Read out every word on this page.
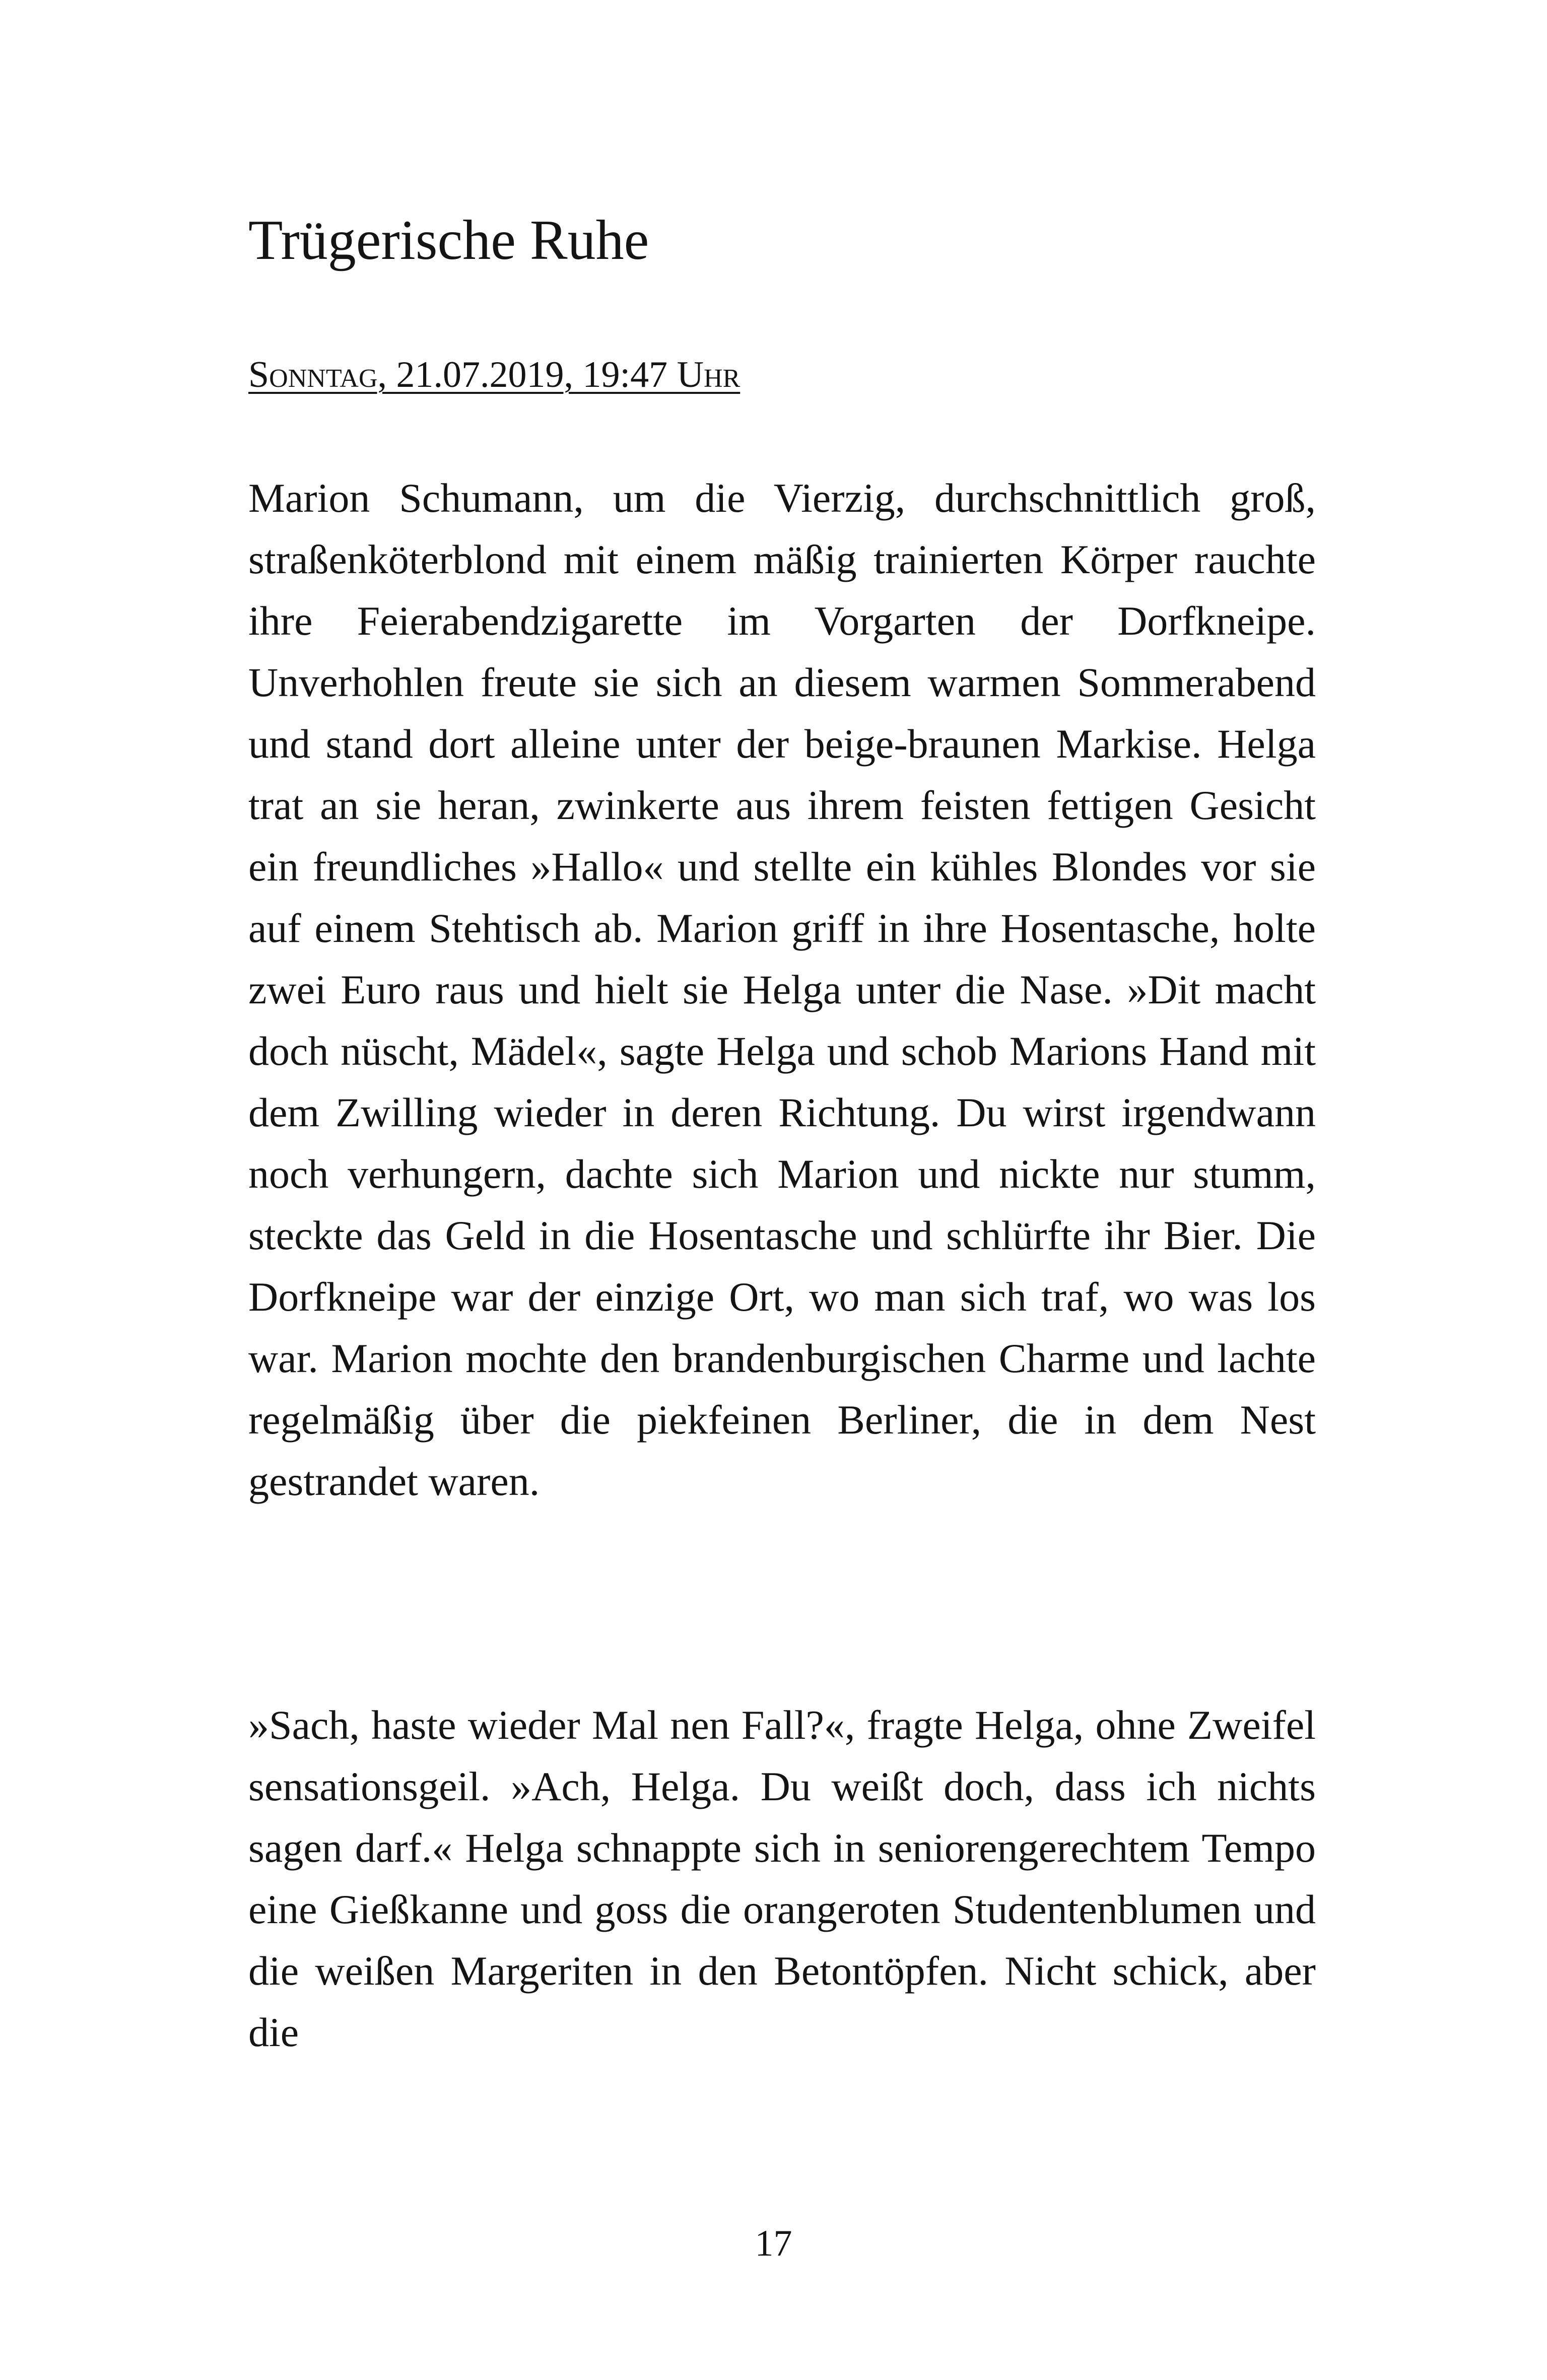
Trügerische Ruhe

Sonntag, 21.07.2019, 19:47 Uhr

Marion Schumann, um die Vierzig, durchschnittlich groß, straßenköterblond mit einem mäßig trainierten Körper rauchte ihre Feierabendzigarette im Vorgarten der Dorfkneipe. Unverhohlen freute sie sich an diesem warmen Sommerabend und stand dort alleine unter der beige-braunen Markise. Helga trat an sie heran, zwinkerte aus ihrem feisten fettigen Gesicht ein freundliches »Hallo« und stellte ein kühles Blondes vor sie auf einem Stehtisch ab. Marion griff in ihre Hosentasche, holte zwei Euro raus und hielt sie Helga unter die Nase. »Dit macht doch nüscht, Mädel«, sagte Helga und schob Marions Hand mit dem Zwilling wieder in deren Richtung. Du wirst irgendwann noch verhungern, dachte sich Marion und nickte nur stumm, steckte das Geld in die Hosentasche und schlürfte ihr Bier. Die Dorfkneipe war der einzige Ort, wo man sich traf, wo was los war. Marion mochte den brandenburgischen Charme und lachte regelmäßig über die piekfeinen Berliner, die in dem Nest gestrandet waren.

»Sach, haste wieder Mal nen Fall?«, fragte Helga, ohne Zweifel sensationsgeil. »Ach, Helga. Du weißt doch, dass ich nichts sagen darf.« Helga schnappte sich in seniorengerechtem Tempo eine Gießkanne und goss die orangeroten Studentenblumen und die weißen Margeriten in den Betontöpfen. Nicht schick, aber die

17
